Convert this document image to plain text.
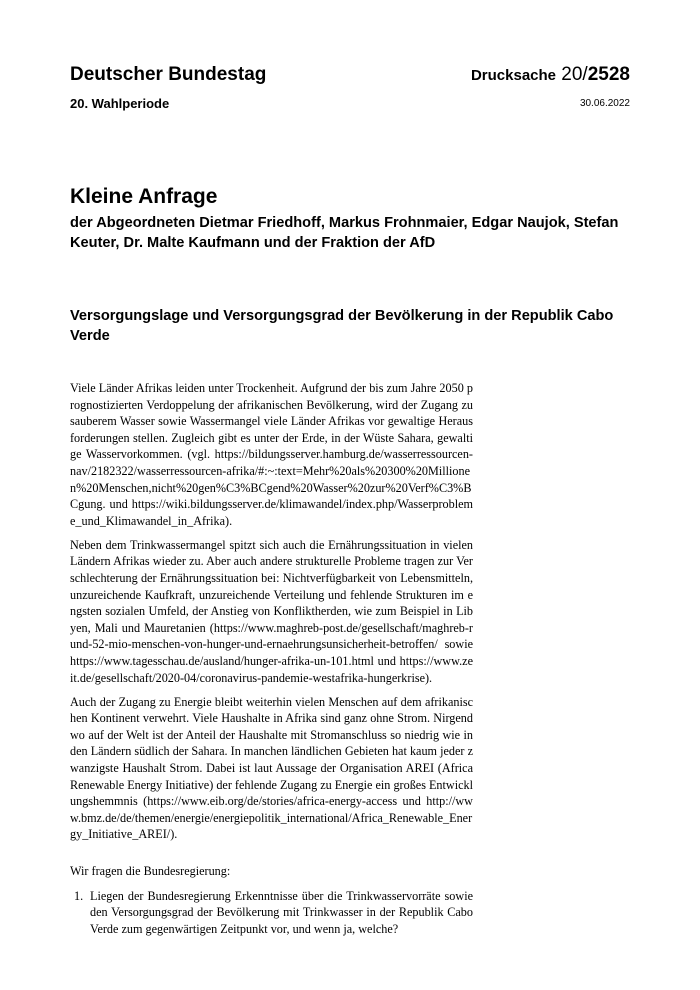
Deutscher Bundestag	Drucksache 20/2528
20. Wahlperiode	30.06.2022
Kleine Anfrage
der Abgeordneten Dietmar Friedhoff, Markus Frohnmaier, Edgar Naujok, Stefan Keuter, Dr. Malte Kaufmann und der Fraktion der AfD
Versorgungslage und Versorgungsgrad der Bevölkerung in der Republik Cabo Verde

Viele Länder Afrikas leiden unter Trockenheit. Aufgrund der bis zum Jahre 2050 prognostizierten Verdoppelung der afrikanischen Bevölkerung, wird der Zugang zu sauberem Wasser sowie Wassermangel viele Länder Afrikas vor gewaltige Herausforderungen stellen. Zugleich gibt es unter der Erde, in der Wüste Sahara, gewaltige Wasservorkommen. (vgl. https://bildungsserver.hamburg.de/wasserressourcen-nav/2182322/wasserressourcen-afrika/#:~:text=Mehr%20als%20300%20Millionen%20Menschen,nicht%20gen%C3%BCgend%20Wasser%20zur%20Verf%C3%BCgung. und https://wiki.bildungsserver.de/klimawandel/index.php/Wasserprobleme_und_Klimawandel_in_Afrika).

Neben dem Trinkwassermangel spitzt sich auch die Ernährungssituation in vielen Ländern Afrikas wieder zu. Aber auch andere strukturelle Probleme tragen zur Verschlechterung der Ernährungssituation bei: Nichtverfügbarkeit von Lebensmitteln, unzureichende Kaufkraft, unzureichende Verteilung und fehlende Strukturen im engsten sozialen Umfeld, der Anstieg von Konfliktherden, wie zum Beispiel in Libyen, Mali und Mauretanien (https://www.maghreb-post.de/gesellschaft/maghreb-rund-52-mio-menschen-von-hunger-und-ernaehrungsunsicherheit-betroffen/ sowie https://www.tagesschau.de/ausland/hunger-afrika-un-101.html und https://www.zeit.de/gesellschaft/2020-04/coronavirus-pandemie-westafrika-hungerkrise).

Auch der Zugang zu Energie bleibt weiterhin vielen Menschen auf dem afrikanischen Kontinent verwehrt. Viele Haushalte in Afrika sind ganz ohne Strom. Nirgendwo auf der Welt ist der Anteil der Haushalte mit Stromanschluss so niedrig wie in den Ländern südlich der Sahara. In manchen ländlichen Gebieten hat kaum jeder zwanzigste Haushalt Strom. Dabei ist laut Aussage der Organisation AREI (Africa Renewable Energy Initiative) der fehlende Zugang zu Energie ein großes Entwicklungshemmnis (https://www.eib.org/de/stories/africa-energy-access und http://www.bmz.de/de/themen/energie/energiepolitik_international/Africa_Renewable_Energy_Initiative_AREI/).

Wir fragen die Bundesregierung:

1. Liegen der Bundesregierung Erkenntnisse über die Trinkwasservorräte sowie den Versorgungsgrad der Bevölkerung mit Trinkwasser in der Republik Cabo Verde zum gegenwärtigen Zeitpunkt vor, und wenn ja, welche?
